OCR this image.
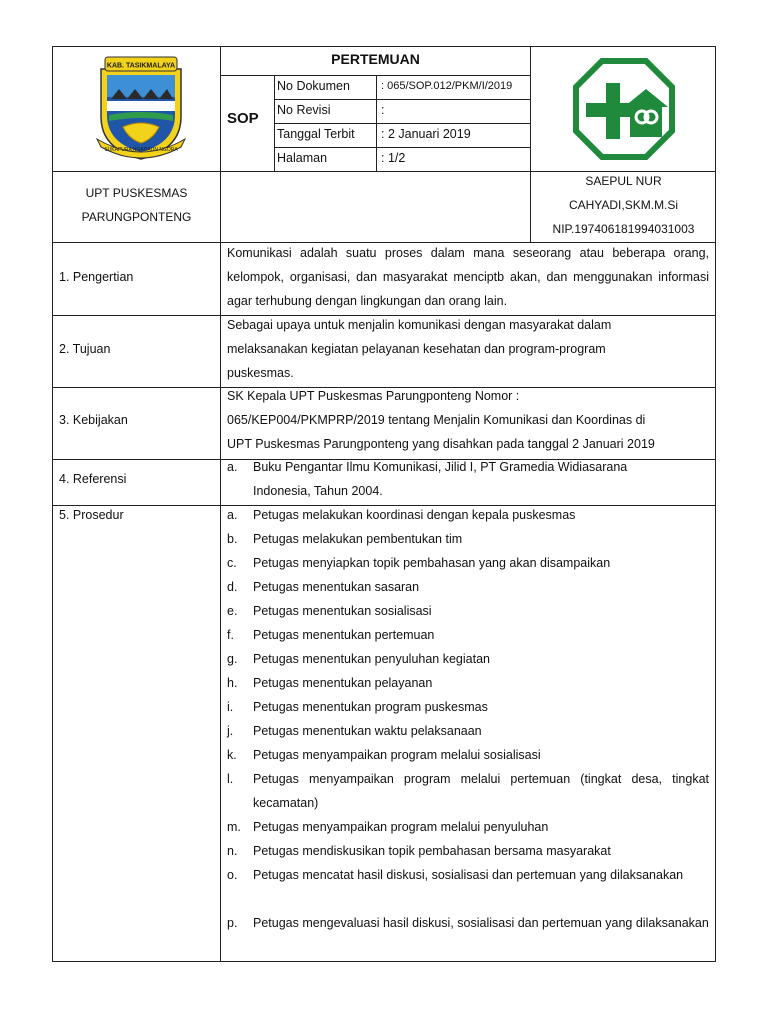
KAB. TASIKMALAYA
SUKAPURA NGADAUN NGORA
PERTEMUAN
SOP
No Dokumen	: 065/SOP.012/PKM/I/2019
No Revisi	:
Tanggal Terbit : 2 Januari 2019
Halaman	: 1/2
UPT PUSKESMAS
PARUNGPONTENG
SAEPUL NUR
CAHYADI,SKM.M.Si
NIP.197406181994031003
1. Pengertian
Komunikasi adalah suatu proses dalam mana seseorang atau beberapa orang, kelompok, organisasi, dan masyarakat menciptb akan, dan menggunakan informasi agar terhubung dengan lingkungan dan orang lain.
2. Tujuan
Sebagai upaya untuk menjalin komunikasi dengan masyarakat dalam
melaksanakan kegiatan pelayanan kesehatan dan program-program
puskesmas.
3. Kebijakan
SK Kepala UPT Puskesmas Parungponteng Nomor :
065/KEP004/PKMPRP/2019 tentang Menjalin Komunikasi dan Koordinas di
UPT Puskesmas Parungponteng yang disahkan pada tanggal 2 Januari 2019
4. Referensi
a. Buku Pengantar Ilmu Komunikasi, Jilid I, PT Gramedia Widiasarana
Indonesia, Tahun 2004.
5. Prosedur	a. Petugas melakukan koordinasi dengan kepala puskesmas
b. Petugas melakukan pembentukan tim
c. Petugas menyiapkan topik pembahasan yang akan disampaikan
d. Petugas menentukan sasaran
e. Petugas menentukan sosialisasi
f. Petugas menentukan pertemuan
g. Petugas menentukan penyuluhan kegiatan
h. Petugas menentukan pelayanan
i. Petugas menentukan program puskesmas
j. Petugas menentukan waktu pelaksanaan
k. Petugas menyampaikan program melalui sosialisasi
l. Petugas menyampaikan program melalui pertemuan (tingkat desa, tingkat kecamatan)
m. Petugas menyampaikan program melalui penyuluhan
n. Petugas mendiskusikan topik pembahasan bersama masyarakat
o. Petugas mencatat hasil diskusi, sosialisasi dan pertemuan yang dilaksanakan
p. Petugas mengevaluasi hasil diskusi, sosialisasi dan pertemuan yang dilaksanakan
